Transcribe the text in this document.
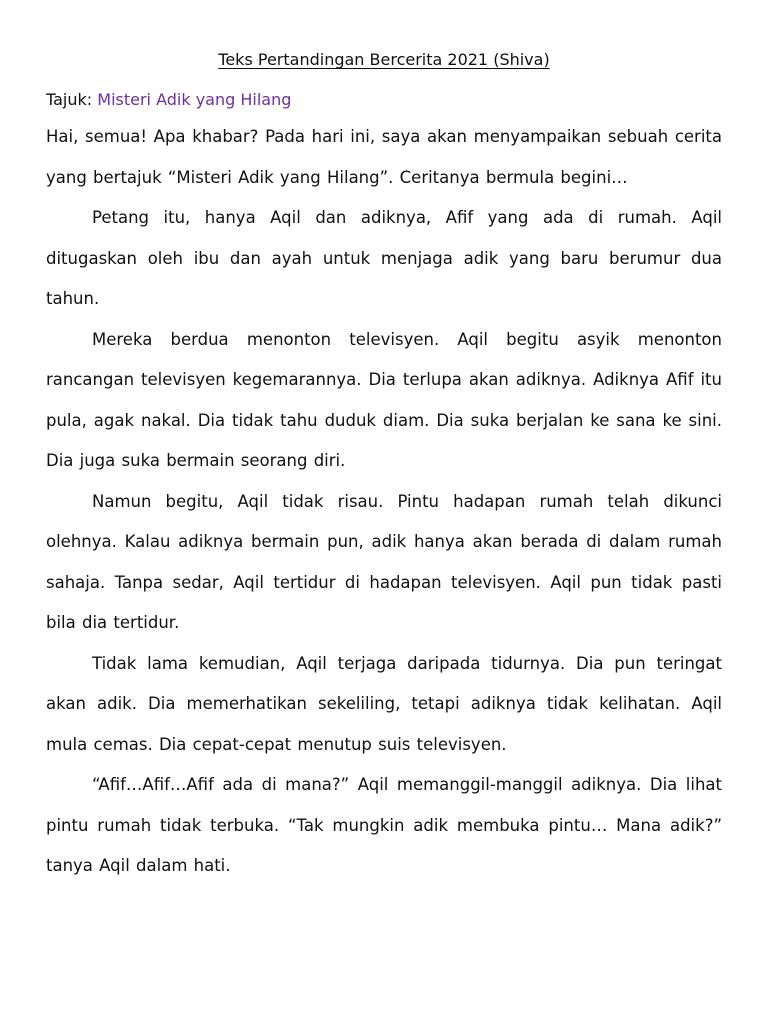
Teks Pertandingan Bercerita 2021 (Shiva)

Tajuk: Misteri Adik yang Hilang

Hai, semua! Apa khabar? Pada hari ini, saya akan menyampaikan sebuah cerita yang bertajuk “Misteri Adik yang Hilang”. Ceritanya bermula begini…

Petang itu, hanya Aqil dan adiknya, Afif yang ada di rumah. Aqil ditugaskan oleh ibu dan ayah untuk menjaga adik yang baru berumur dua tahun.

Mereka berdua menonton televisyen. Aqil begitu asyik menonton rancangan televisyen kegemarannya. Dia terlupa akan adiknya. Adiknya Afif itu pula, agak nakal. Dia tidak tahu duduk diam. Dia suka berjalan ke sana ke sini. Dia juga suka bermain seorang diri.

Namun begitu, Aqil tidak risau. Pintu hadapan rumah telah dikunci olehnya. Kalau adiknya bermain pun, adik hanya akan berada di dalam rumah sahaja. Tanpa sedar, Aqil tertidur di hadapan televisyen. Aqil pun tidak pasti bila dia tertidur.

Tidak lama kemudian, Aqil terjaga daripada tidurnya. Dia pun teringat akan adik. Dia memerhatikan sekeliling, tetapi adiknya tidak kelihatan. Aqil mula cemas. Dia cepat-cepat menutup suis televisyen.

“Afif…Afif…Afif ada di mana?” Aqil memanggil-manggil adiknya. Dia lihat pintu rumah tidak terbuka. “Tak mungkin adik membuka pintu… Mana adik?” tanya Aqil dalam hati.
